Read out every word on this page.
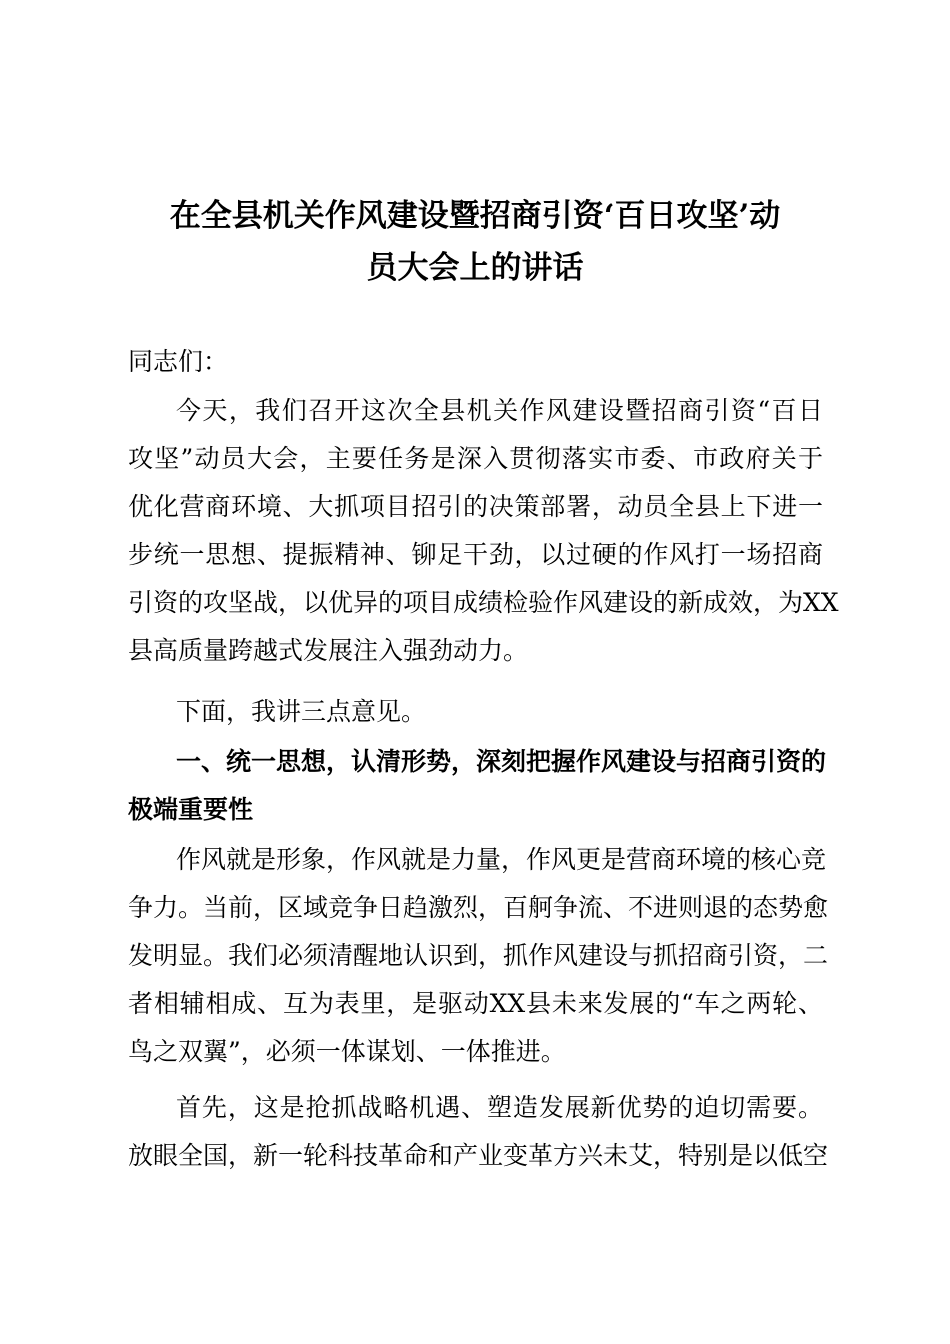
在全县机关作风建设暨招商引资‘百日攻坚’动
员大会上的讲话
同志们：
今天，我们召开这次全县机关作风建设暨招商引资“百日
攻坚”动员大会，主要任务是深入贯彻落实市委、市政府关于
优化营商环境、大抓项目招引的决策部署，动员全县上下进一
步统一思想、提振精神、铆足干劲，以过硬的作风打一场招商
引资的攻坚战，以优异的项目成绩检验作风建设的新成效，为XX
县高质量跨越式发展注入强劲动力。
下面，我讲三点意见。
一、统一思想，认清形势，深刻把握作风建设与招商引资的
极端重要性
作风就是形象，作风就是力量，作风更是营商环境的核心竞
争力。当前，区域竞争日趋激烈，百舸争流、不进则退的态势愈
发明显。我们必须清醒地认识到，抓作风建设与抓招商引资，二
者相辅相成、互为表里，是驱动XX县未来发展的“车之两轮、
鸟之双翼”，必须一体谋划、一体推进。
首先，这是抢抓战略机遇、塑造发展新优势的迫切需要。
放眼全国，新一轮科技革命和产业变革方兴未艾，特别是以低空
